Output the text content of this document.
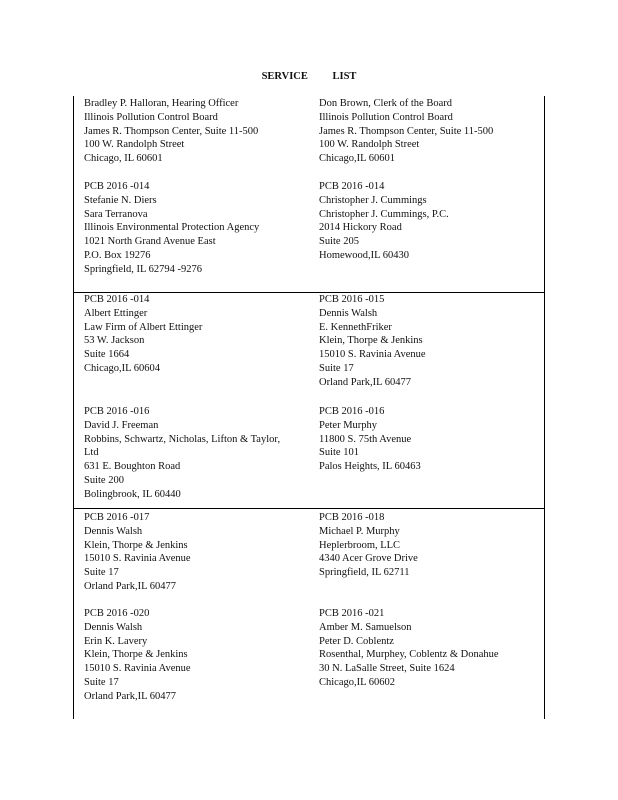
SERVICE LIST
Bradley P. Halloran, Hearing Officer
Illinois Pollution Control Board
James R. Thompson Center, Suite 11-500
100 W. Randolph Street
Chicago, IL 60601
Don Brown, Clerk of the Board
Illinois Pollution Control Board
James R. Thompson Center, Suite 11-500
100 W. Randolph Street
Chicago,IL 60601
PCB 2016 -014
Stefanie N. Diers
Sara Terranova
Illinois Environmental Protection Agency
1021 North Grand Avenue East
P.O. Box 19276
Springfield, IL 62794 -9276
PCB 2016 -014
Christopher J. Cummings
Christopher J. Cummings, P.C.
2014 Hickory Road
Suite 205
Homewood,IL 60430
PCB 2016 -014
Albert Ettinger
Law Firm of Albert Ettinger
53 W. Jackson
Suite 1664
Chicago,IL 60604
PCB 2016 -015
Dennis Walsh
E. KennethFriker
Klein, Thorpe & Jenkins
15010 S. Ravinia Avenue
Suite 17
Orland Park,IL 60477
PCB 2016 -016
David J. Freeman
Robbins, Schwartz, Nicholas, Lifton & Taylor,
Ltd
631 E. Boughton Road
Suite 200
Bolingbrook, IL 60440
PCB 2016 -016
Peter Murphy
11800 S. 75th Avenue
Suite 101
Palos Heights, IL 60463
PCB 2016 -017
Dennis Walsh
Klein, Thorpe & Jenkins
15010 S. Ravinia Avenue
Suite 17
Orland Park,IL 60477
PCB 2016 -018
Michael P. Murphy
Heplerbroom, LLC
4340 Acer Grove Drive
Springfield, IL 62711
PCB 2016 -020
Dennis Walsh
Erin K. Lavery
Klein, Thorpe & Jenkins
15010 S. Ravinia Avenue
Suite 17
Orland Park,IL 60477
PCB 2016 -021
Amber M. Samuelson
Peter D. Coblentz
Rosenthal, Murphey, Coblentz & Donahue
30 N. LaSalle Street, Suite 1624
Chicago,IL 60602
